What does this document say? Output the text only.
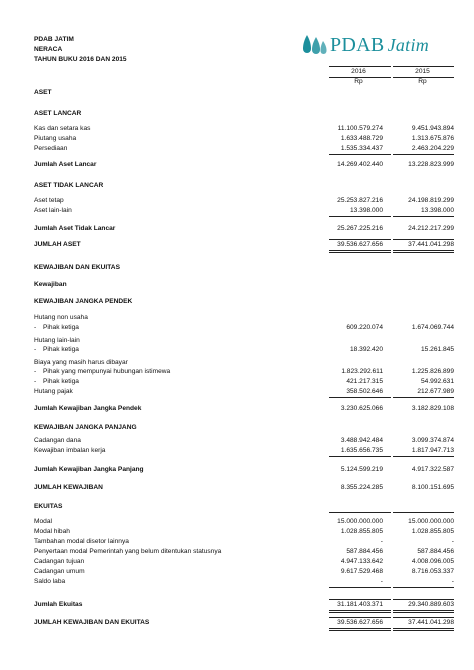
PDAB JATIM
NERACA
TAHUN BUKU 2016 DAN 2015
PDAB Jatim
2016	2015
Rp	Rp
ASET
ASET LANCAR
Kas dan setara kas	11.100.579.274	9.451.943.894
Piutang usaha	1.633.488.729	1.313.675.876
Persediaan	1.535.334.437	2.463.204.229
Jumlah Aset Lancar	14.269.402.440	13.228.823.999
ASET TIDAK LANCAR
Aset tetap	25.253.827.216	24.198.819.299
Aset lain-lain	13.398.000	13.398.000
Jumlah Aset Tidak Lancar	25.267.225.216	24.212.217.299
JUMLAH ASET	39.536.627.656	37.441.041.298
KEWAJIBAN DAN EKUITAS
Kewajiban
KEWAJIBAN JANGKA PENDEK
Hutang non usaha
- Pihak ketiga	609.220.074	1.674.069.744
Hutang lain-lain
- Pihak ketiga	18.392.420	15.261.845
Biaya yang masih harus dibayar
- Pihak yang mempunyai hubungan istimewa	1.823.292.611	1.225.826.899
- Pihak ketiga	421.217.315	54.992.631
Hutang pajak	358.502.646	212.677.989
Jumlah Kewajiban Jangka Pendek	3.230.625.066	3.182.829.108
KEWAJIBAN JANGKA PANJANG
Cadangan dana	3.488.942.484	3.099.374.874
Kewajiban imbalan kerja	1.635.656.735	1.817.947.713
Jumlah Kewajiban Jangka Panjang	5.124.599.219	4.917.322.587
JUMLAH KEWAJIBAN	8.355.224.285	8.100.151.695
EKUITAS
Modal	15.000.000.000	15.000.000.000
Modal hibah	1.028.855.805	1.028.855.805
Tambahan modal disetor lainnya	-	-
Penyertaan modal Pemerintah yang belum ditentukan statusnya	587.884.456	587.884.456
Cadangan tujuan	4.947.133.642	4.008.096.005
Cadangan umum	9.617.529.468	8.716.053.337
Saldo laba	-	-
Jumlah Ekuitas	31.181.403.371	29.340.889.603
JUMLAH KEWAJIBAN DAN EKUITAS	39.536.627.656	37.441.041.298
